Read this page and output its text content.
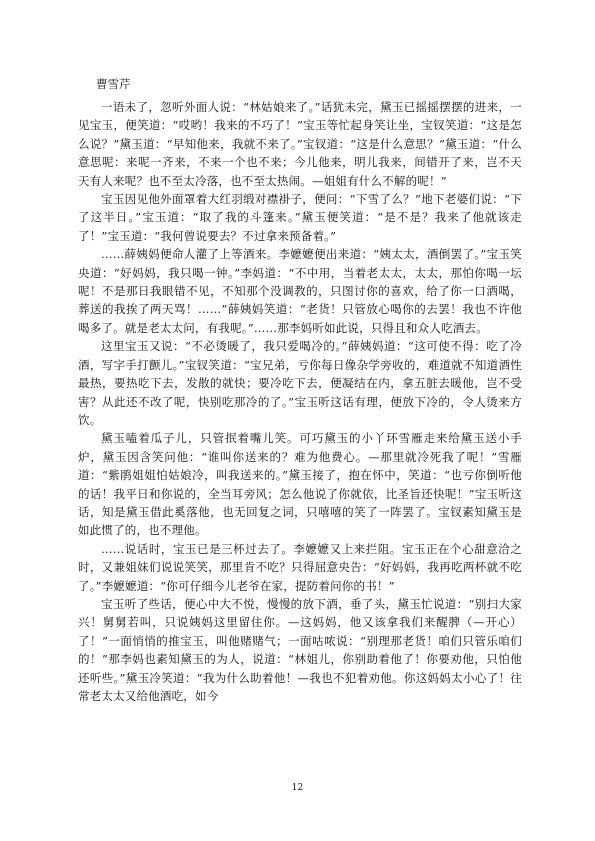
曹雪芹

一语未了，忽听外面人说：“林姑娘来了。”话犹未完，黛玉已摇摇摆摆的进来，一见宝玉，便笑道：“哎哟！我来的不巧了！”宝玉等忙起身笑让坐，宝钗笑道：“这是怎么说？”黛玉道：“早知他来，我就不来了。”宝钗道：“这是什么意思？”黛玉道：“什么意思呢：来呢一齐来，不来一个也不来；今儿他来，明儿我来，间错开了来，岂不天天有人来呢？也不至太冷落，也不至太热闹。—姐姐有什么不解的呢！”

宝玉因见他外面罩着大红羽缎对襟褂子，便问：“下雪了么？”地下老婆们说：“下了这半日。”宝玉道：“取了我的斗篷来。”黛玉便笑道：“是不是？我来了他就该走了！”宝玉道：“我何曾说要去？不过拿来预备着。”

……薛姨妈便命人灌了上等酒来。李嬷嬷便出来道：“姨太太，酒倒罢了。”宝玉笑央道：“好妈妈，我只喝一钟。”李妈道：“不中用，当着老太太，太太，那怕你喝一坛呢！不是那日我眼错不见，不知那个没调教的，只图讨你的喜欢，给了你一口酒喝，葬送的我挨了两天骂！……”薛姨妈笑道：“老货！只管放心喝你的去罢！我也不许他喝多了。就是老太太问，有我呢。”……那李妈听如此说，只得且和众人吃酒去。

这里宝玉又说：“不必烫暖了，我只爱喝冷的。”薛姨妈道：“这可使不得：吃了冷酒，写字手打颤儿。”宝钗笑道：“宝兄弟，亏你每日像杂学旁收的，难道就不知道酒性最热，要热吃下去，发散的就快；要冷吃下去，便凝结在内，拿五脏去暖他，岂不受害？从此还不改了呢，快别吃那冷的了。”宝玉听这话有理，便放下冷的，令人烫来方饮。

黛玉嗑着瓜子儿，只管抿着嘴儿笑。可巧黛玉的小丫环雪雁走来给黛玉送小手炉，黛玉因含笑问他：“谁叫你送来的？难为他费心。—那里就冷死我了呢！”雪雁道：“紫鹃姐姐怕姑娘冷，叫我送来的。”黛玉接了，抱在怀中，笑道：“也亏你倒听他的话！我平日和你说的，全当耳旁风；怎么他说了你就依，比圣旨还快呢！”宝玉听这话，知是黛玉借此奚落他，也无回复之词，只嘻嘻的笑了一阵罢了。宝钗素知黛玉是如此惯了的，也不理他。

……说话时，宝玉已是三杯过去了。李嬷嬷又上来拦阻。宝玉正在个心甜意洽之时，又兼姐妹们说说笑笑，那里肯不吃？只得屈意央告：“好妈妈，我再吃两杯就不吃了。”李嬷嬷道：“你可仔细今儿老爷在家，提防着问你的书！”

宝玉听了些话，便心中大不悦，慢慢的放下酒，垂了头，黛玉忙说道：“别扫大家兴！舅舅若叫，只说姨妈这里留住你。—这妈妈，他又该拿我们来醒脾（—开心）了！”一面悄悄的推宝玉，叫他赌赌气；一面咕哝说：“别理那老货！咱们只管乐咱们的！”那李妈也素知黛玉的为人，说道：“林姐儿，你别助着他了！你要劝他，只怕他还听些。”黛玉冷笑道：“我为什么助着他！—我也不犯着劝他。你这妈妈太小心了！往常老太太又给他酒吃，如今

12
